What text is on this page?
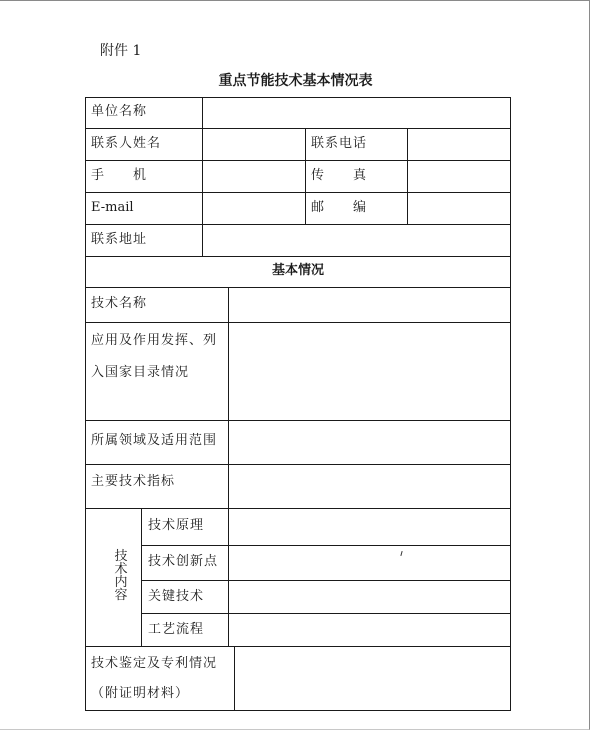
附件 1
重点节能技术基本情况表
单位名称
联系人姓名	联系电话
手　　机	传　　真
E-mail	邮　　编
联系地址
基本情况
技术名称
应用及作用发挥、列
入国家目录情况
所属领域及适用范围
主要技术指标
技术内容
技术原理
技术创新点
关键技术
工艺流程
技术鉴定及专利情况
（附证明材料）
